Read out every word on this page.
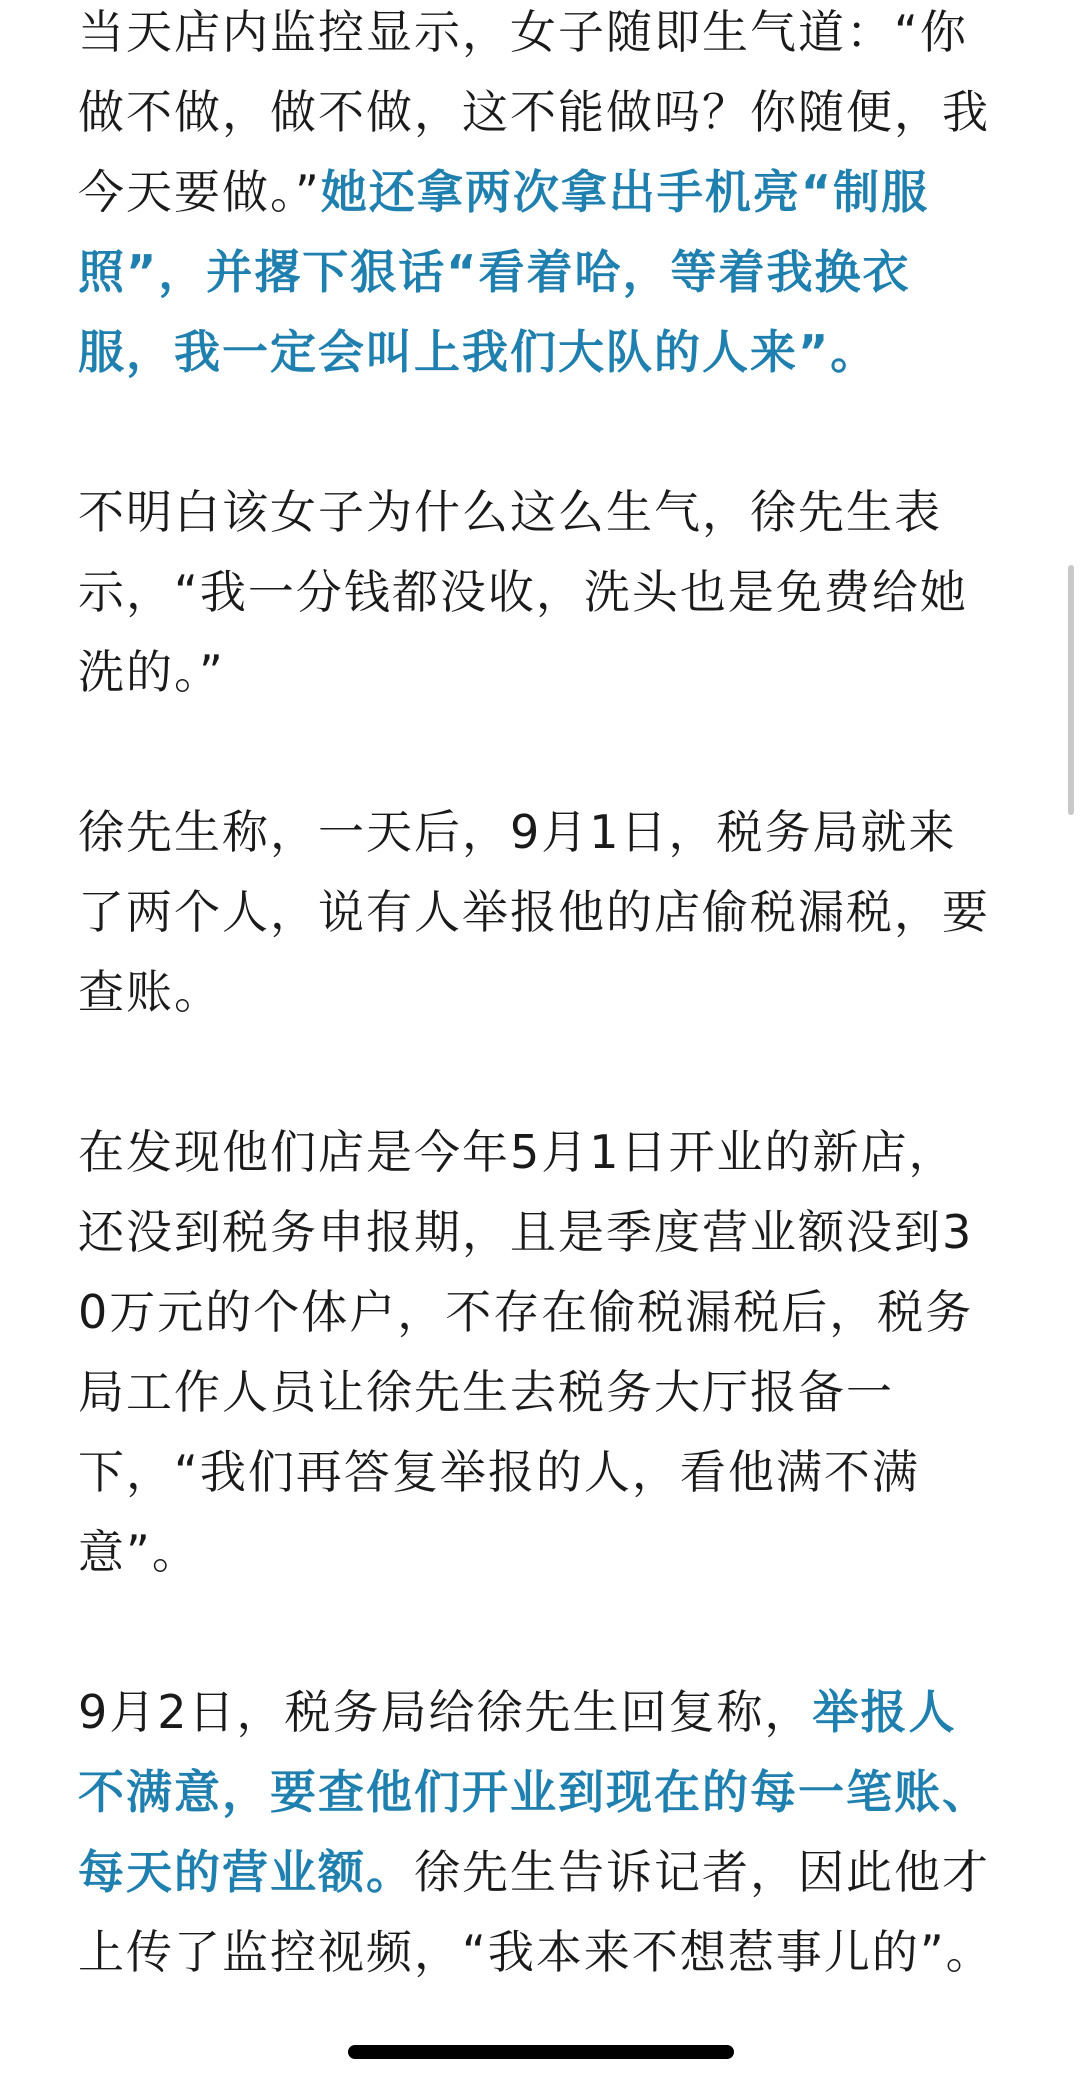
当天店内监控显示，女子随即生气道：“你做不做，做不做，这不能做吗？你随便，我今天要做。”她还拿两次拿出手机亮“制服照”，并撂下狠话“看着哈，等着我换衣服，我一定会叫上我们大队的人来”。

不明白该女子为什么这么生气，徐先生表示，“我一分钱都没收，洗头也是免费给她洗的。”

徐先生称，一天后，9月1日，税务局就来了两个人，说有人举报他的店偷税漏税，要查账。

在发现他们店是今年5月1日开业的新店，还没到税务申报期，且是季度营业额没到30万元的个体户，不存在偷税漏税后，税务局工作人员让徐先生去税务大厅报备一下，“我们再答复举报的人，看他满不满意”。

9月2日，税务局给徐先生回复称，举报人不满意，要查他们开业到现在的每一笔账、每天的营业额。徐先生告诉记者，因此他才上传了监控视频，“我本来不想惹事儿的”。
